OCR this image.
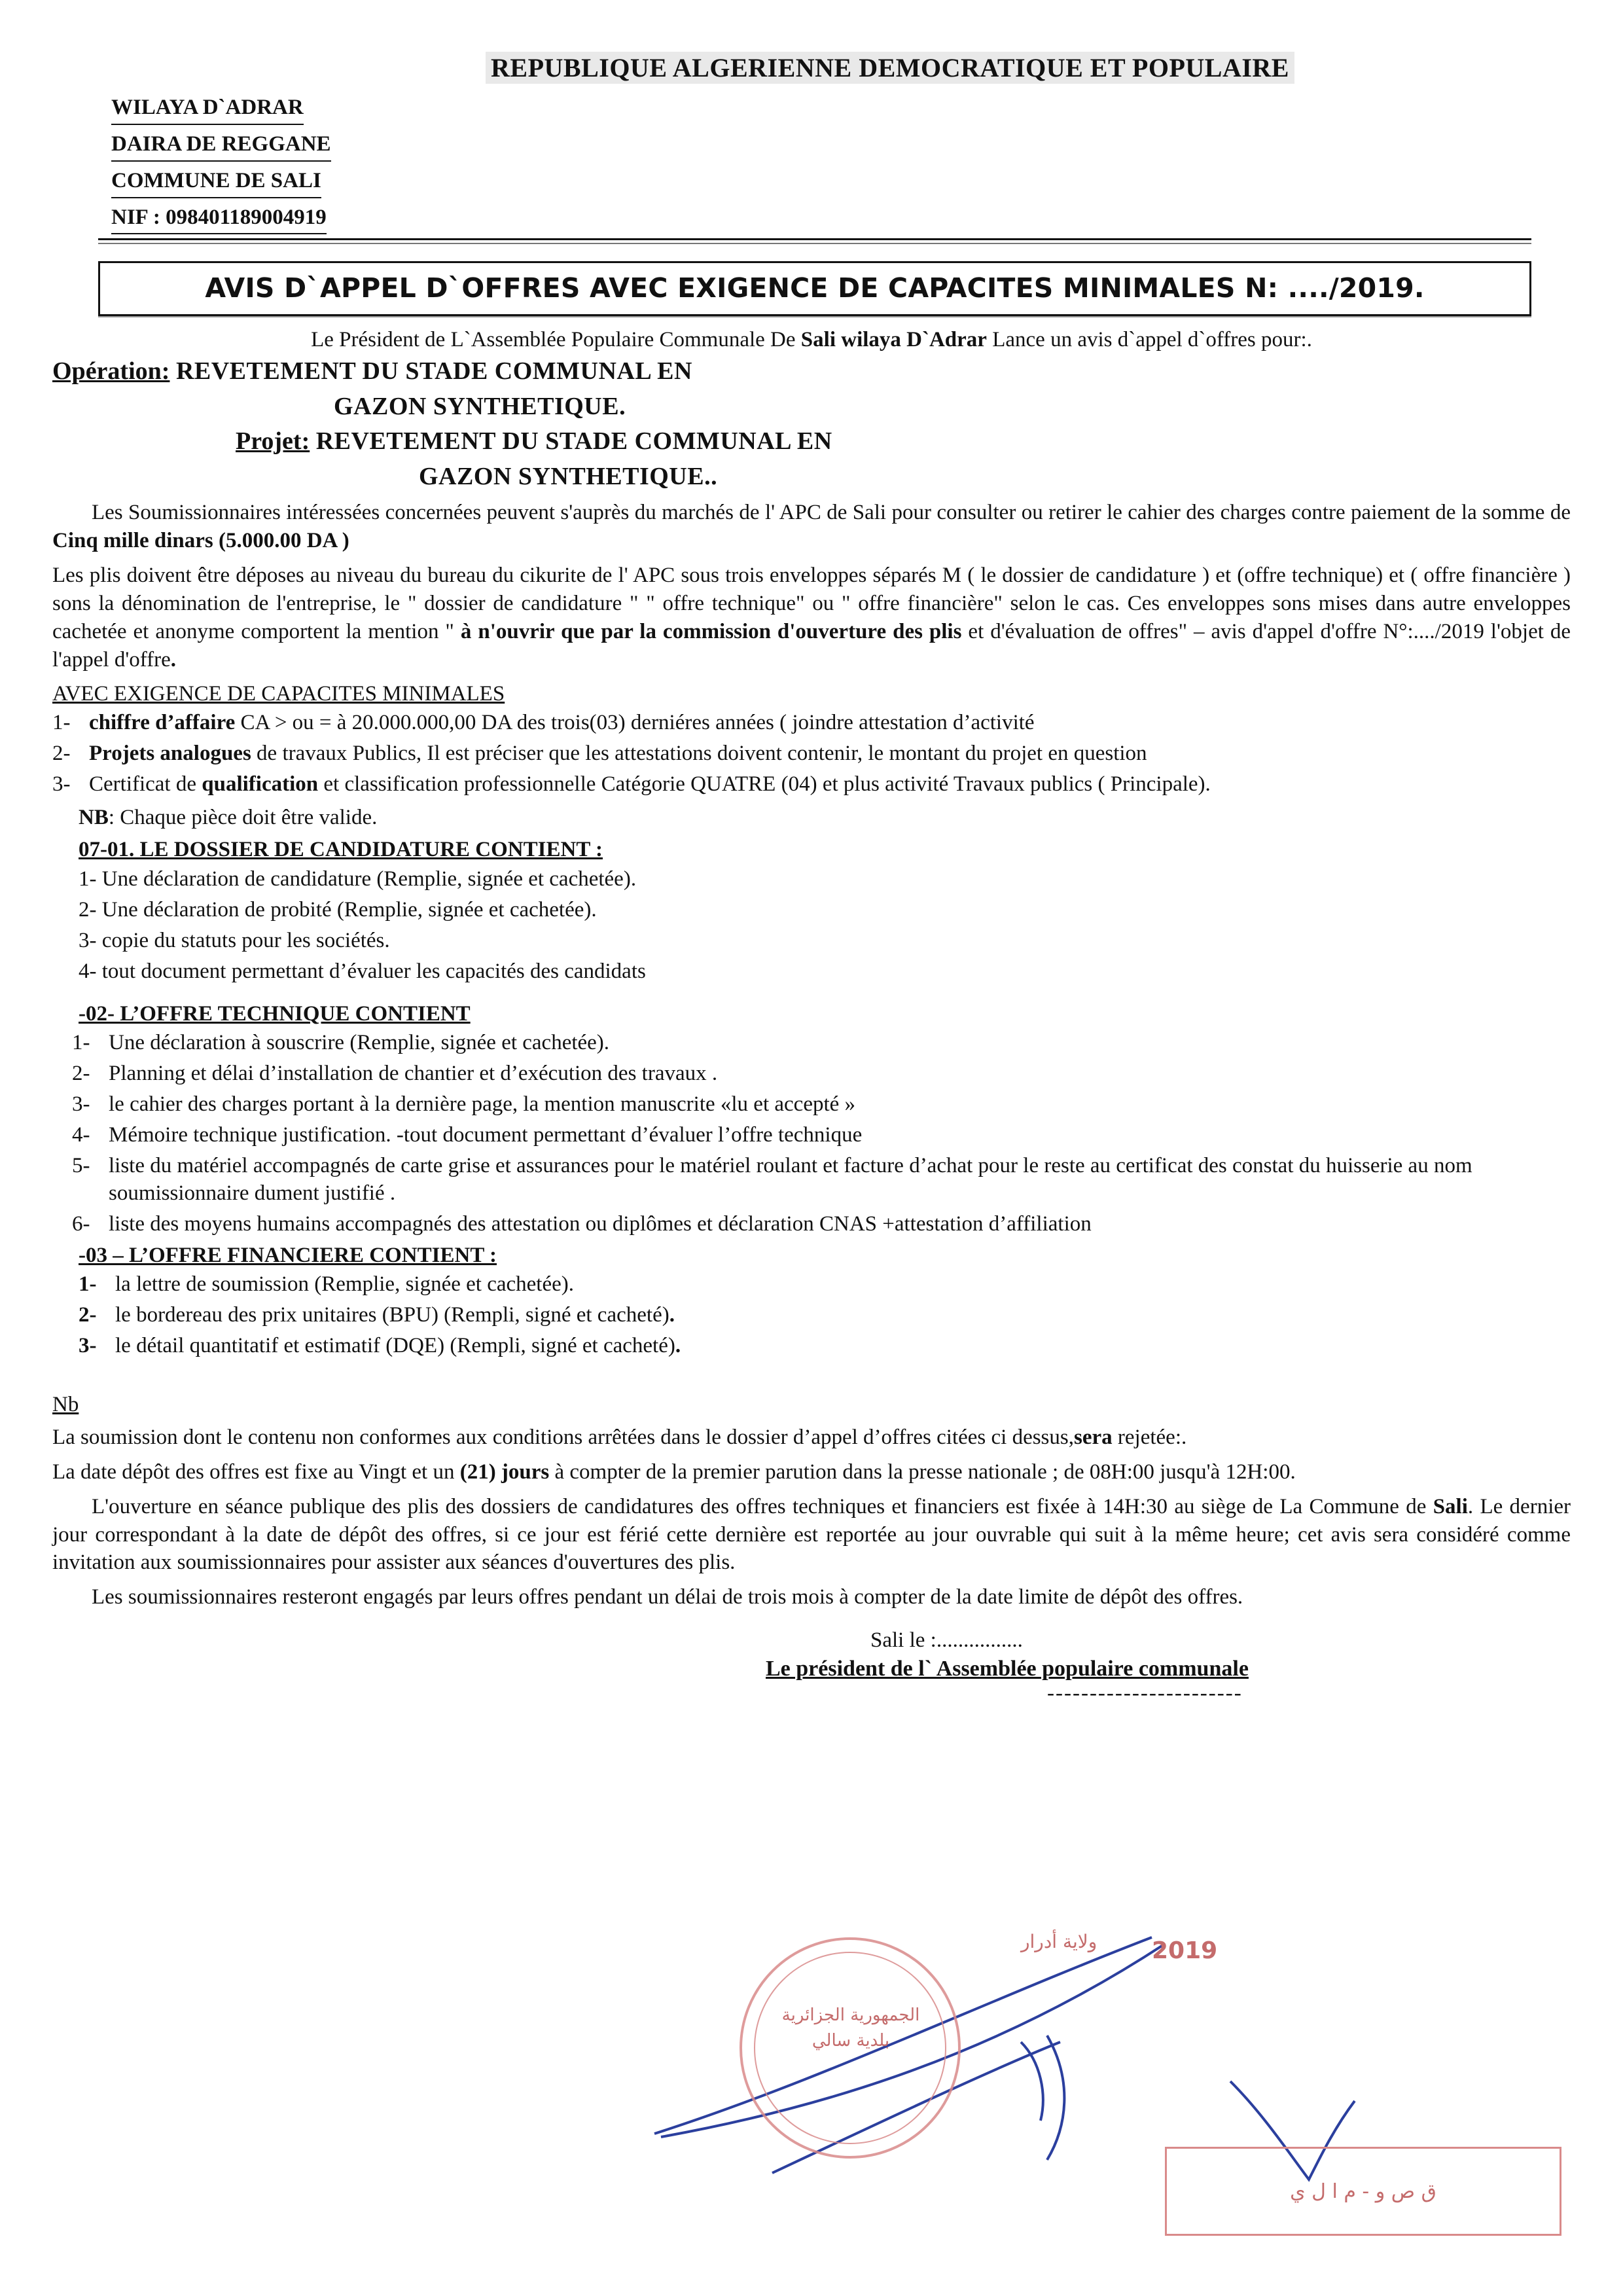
REPUBLIQUE ALGERIENNE DEMOCRATIQUE ET POPULAIRE
WILAYA D`ADRAR
DAIRA DE REGGANE
COMMUNE DE SALI
NIF : 098401189004919
AVIS D`APPEL D`OFFRES AVEC EXIGENCE DE CAPACITES MINIMALES N: ..../2019.
Le Président de L`Assemblée Populaire Communale De Sali wilaya D`Adrar Lance un avis d`appel d`offres pour:.
Opération: REVETEMENT DU STADE COMMUNAL EN
GAZON SYNTHETIQUE.
Projet: REVETEMENT DU STADE COMMUNAL EN
GAZON SYNTHETIQUE..

Les Soumissionnaires intéressées concernées peuvent s'auprès du marchés de l' APC de Sali pour consulter ou retirer le cahier des charges contre paiement de la somme de Cinq mille dinars (5.000.00 DA )

Les plis doivent être déposes au niveau du bureau du cikurite de l' APC sous trois enveloppes séparés M ( le dossier de candidature ) et (offre technique) et ( offre financière ) sons la dénomination de l'entreprise, le " dossier de candidature " " offre technique" ou " offre financière" selon le cas. Ces enveloppes sons mises dans autre enveloppes cachetée et anonyme comportent la mention " à n'ouvrir que par la commission d'ouverture des plis et d'évaluation de offres" – avis d'appel d'offre N°:..../2019 l'objet de l'appel d'offre.

AVEC EXIGENCE DE CAPACITES MINIMALES
1- chiffre d’affaire CA > ou = à 20.000.000,00 DA des trois(03) derniéres années ( joindre attestation d’activité
2- Projets analogues de travaux Publics, Il est préciser que les attestations doivent contenir, le montant du projet en question
3- Certificat de qualification et classification professionnelle Catégorie QUATRE (04) et plus activité Travaux publics ( Principale).
NB: Chaque pièce doit être valide.
07-01. LE DOSSIER DE CANDIDATURE CONTIENT :
1- Une déclaration de candidature (Remplie, signée et cachetée).
2- Une déclaration de probité (Remplie, signée et cachetée).
3- copie du statuts pour les sociétés.
4- tout document permettant d’évaluer les capacités des candidats
-02- L’OFFRE TECHNIQUE CONTIENT
1- Une déclaration à souscrire (Remplie, signée et cachetée).
2- Planning et délai d’installation de chantier et d’exécution des travaux .
3- le cahier des charges portant à la dernière page, la mention manuscrite «lu et accepté »
4- Mémoire technique justification. -tout document permettant d’évaluer l’offre technique
5- liste du matériel accompagnés de carte grise et assurances pour le matériel roulant et facture d’achat pour le reste au certificat des constat du huisserie au nom soumissionnaire dument justifié .
6- liste des moyens humains accompagnés des attestation ou diplômes et déclaration CNAS +attestation d’affiliation
-03 – L’OFFRE FINANCIERE CONTIENT :
1- la lettre de soumission (Remplie, signée et cachetée).
2- le bordereau des prix unitaires (BPU) (Rempli, signé et cacheté).
3- le détail quantitatif et estimatif (DQE) (Rempli, signé et cacheté).
Nb

La soumission dont le contenu non conformes aux conditions arrêtées dans le dossier d’appel d’offres citées ci dessus,sera rejetée:.

La date dépôt des offres est fixe au Vingt et un (21) jours à compter de la premier parution dans la presse nationale ; de 08H:00 jusqu'à 12H:00.

L'ouverture en séance publique des plis des dossiers de candidatures des offres techniques et financiers est fixée à 14H:30 au siège de La Commune de Sali. Le dernier jour correspondant à la date de dépôt des offres, si ce jour est férié cette dernière est reportée au jour ouvrable qui suit à la même heure; cet avis sera considéré comme invitation aux soumissionnaires pour assister aux séances d'ouvertures des plis.

Les soumissionnaires resteront engagés par leurs offres pendant un délai de trois mois à compter de la date limite de dépôt des offres.

Sali le :................
Le président de l` Assemblée populaire communale
-----------------------
الجمهورية الجزائرية
بلدية سالي
2019
ولاية أدرار
ق ص و - م ا ل ي
